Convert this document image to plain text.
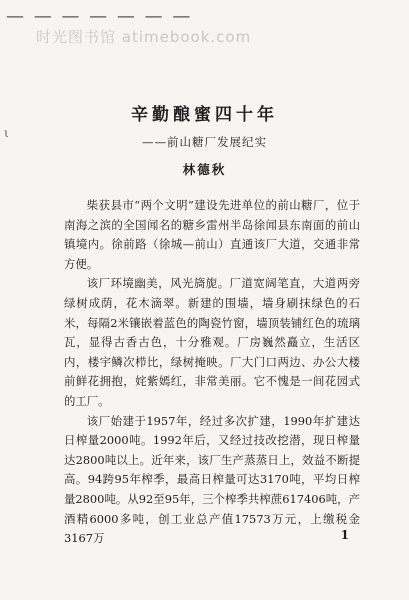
— — — — — — —
时光图书馆 atimebook.com
ι
辛勤酿蜜四十年
——前山糖厂发展纪实
林德秋

柴获县市“两个文明”建设先进单位的前山糖厂，位于南海之滨的全国闻名的糖乡雷州半岛徐闻县东南面的前山镇境内。徐前路（徐城—前山）直通该厂大道，交通非常方便。

该厂环境幽美，风光旖旎。厂道宽阔笔直，大道两旁绿树成荫，花木滴翠。新建的围墙，墙身刷抹绿色的石米，每隔2米镶嵌着蓝色的陶瓷竹窗，墙顶装铺红色的琉璃瓦，显得古香古色，十分雅观。厂房巍然矗立，生活区内，楼宇鳞次栉比，绿树掩映。厂大门口两边、办公大楼前鲜花拥抱，姹紫嫣红，非常美丽。它不愧是一间花园式的工厂。

该厂始建于1957年，经过多次扩建，1990年扩建达日榨量2000吨。1992年后，又经过技改挖潜，现日榨量达2800吨以上。近年来，该厂生产蒸蒸日上，效益不断提高。94跨95年榨季，最高日榨量可达3170吨，平均日榨量2800吨。从92至95年，三个榨季共榨蔗617406吨，产酒精6000多吨，创工业总产值17573万元，上缴税金3167万	1
